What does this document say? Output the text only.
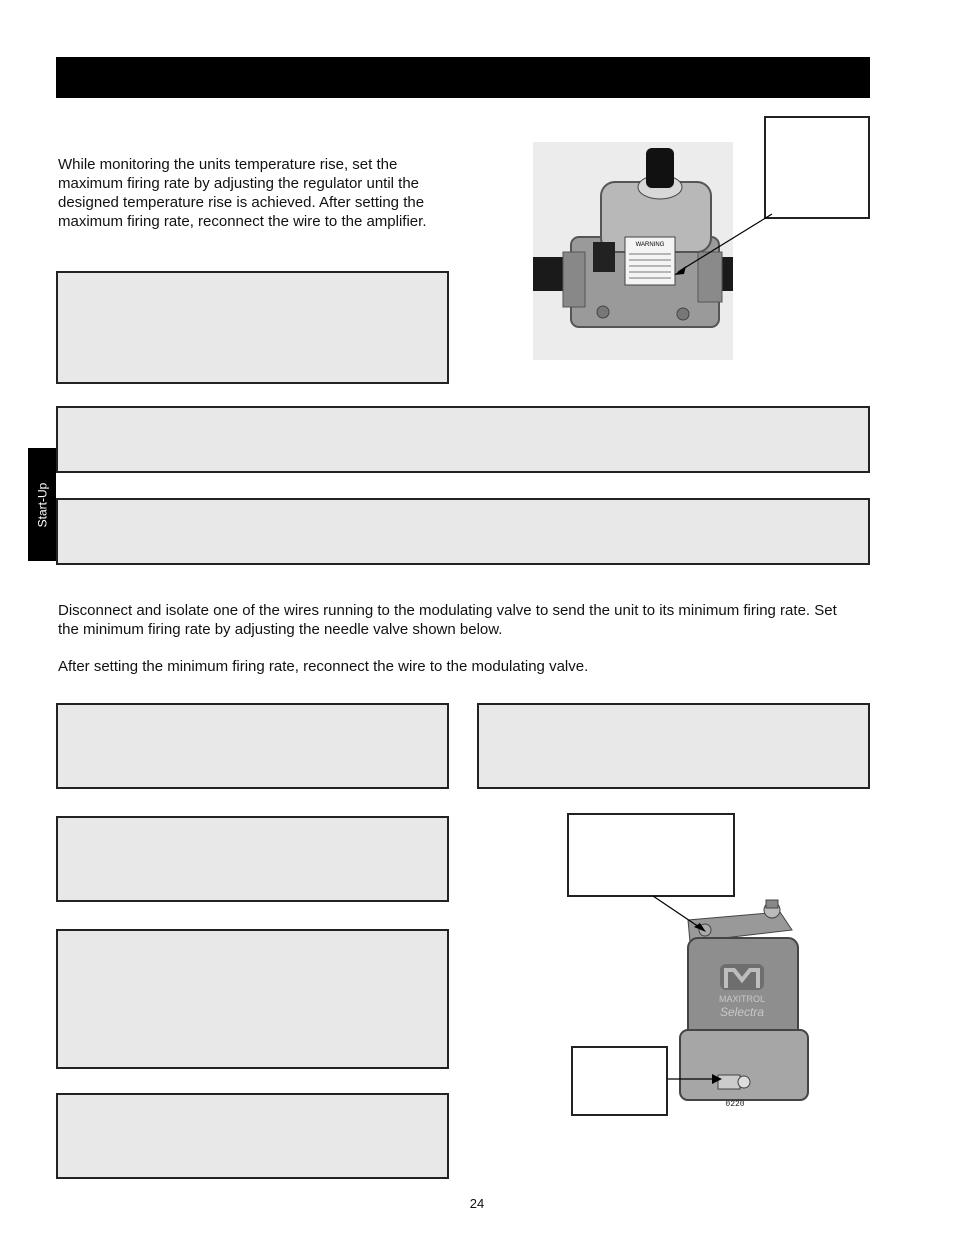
While monitoring the units temperature rise, set the maximum firing rate by adjusting the regulator until the designed temperature rise is achieved. After setting the maximum firing rate, reconnect the wire to the amplifier.
WARNING
Start-Up
Disconnect and isolate one of the wires running to the modulating valve to send the unit to its minimum firing rate. Set the minimum firing rate by adjusting the needle valve shown below.
After setting the minimum firing rate, reconnect the wire to the modulating valve.
MAXITROL
Selectra
0220
24
